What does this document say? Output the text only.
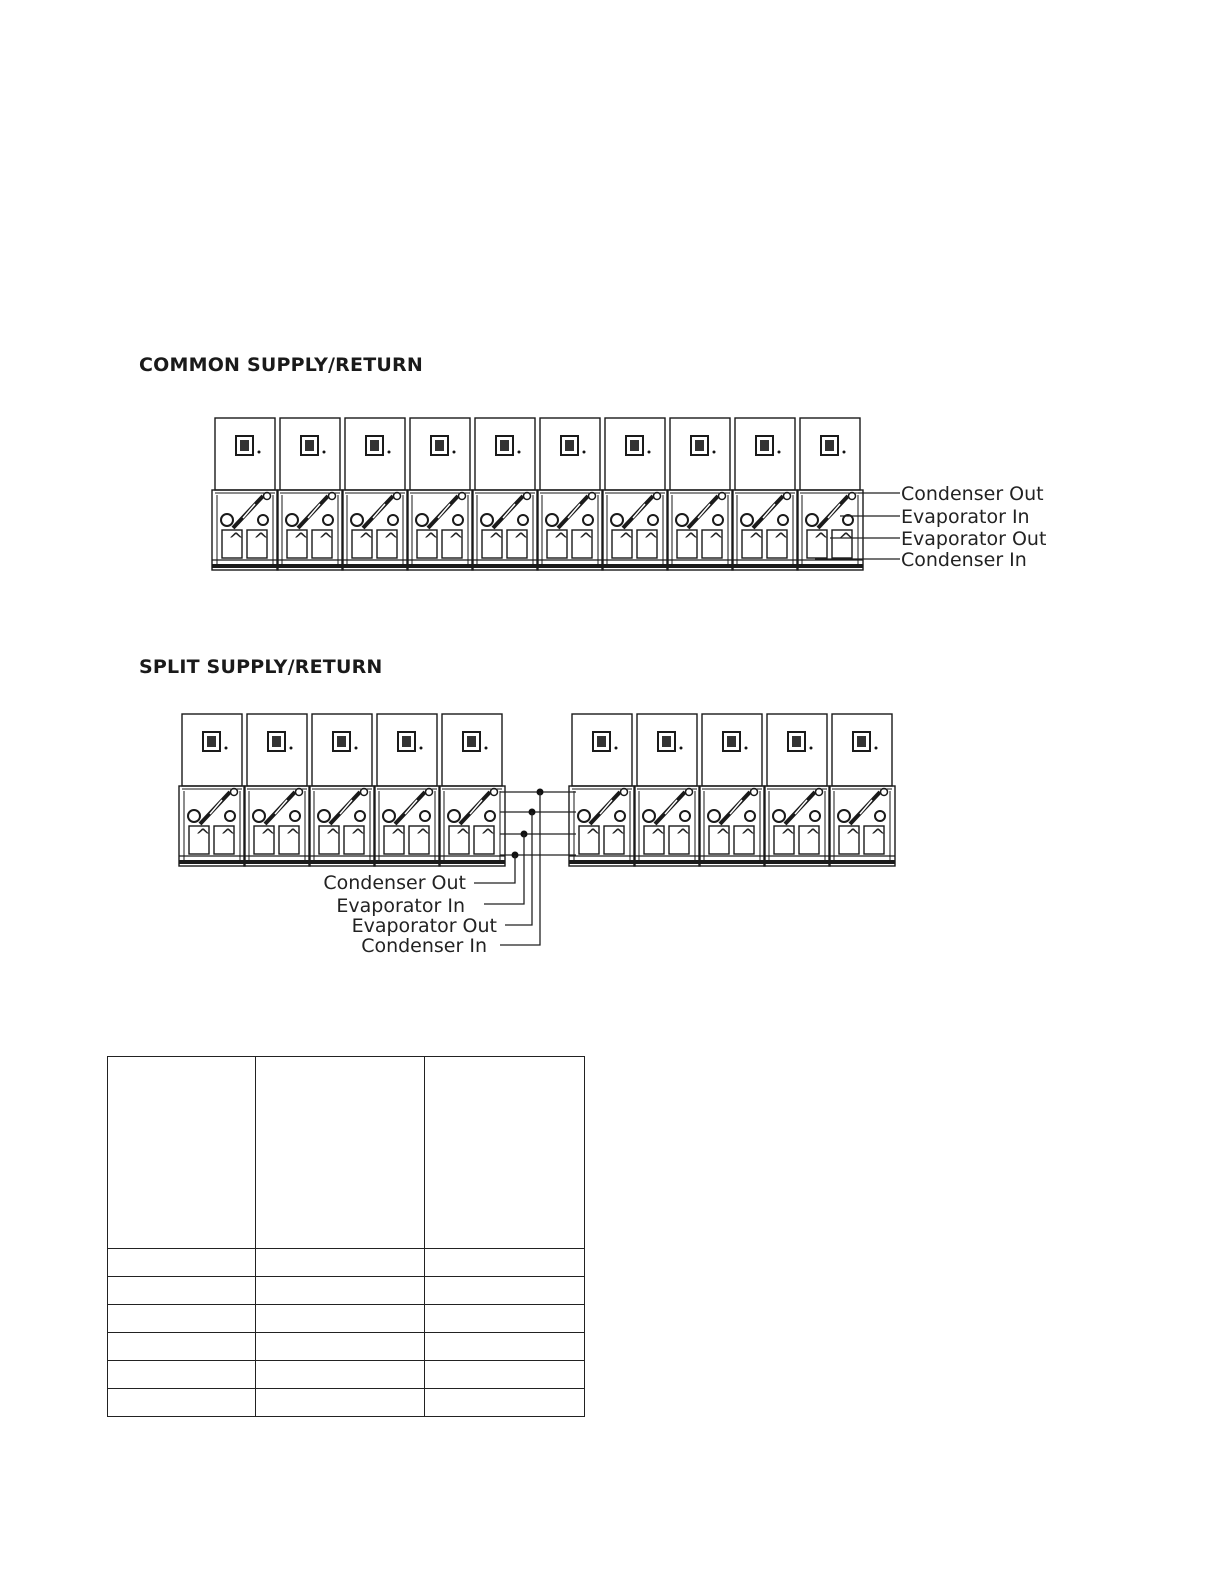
COMMON SUPPLY/RETURN
^ ^ ^ ^ ^ ^ ^ ^ ^ ^ ^ ^ ^ ^ ^ ^ ^ ^ ^ ^
Condenser Out
Evaporator In
Evaporator Out
Condenser In
SPLIT SUPPLY/RETURN
^ ^ ^ ^ ^ ^ ^ ^ ^ ^	^ ^ ^ ^ ^ ^ ^ ^ ^ ^
Condenser Out
Evaporator In
Evaporator Out
Condenser In
